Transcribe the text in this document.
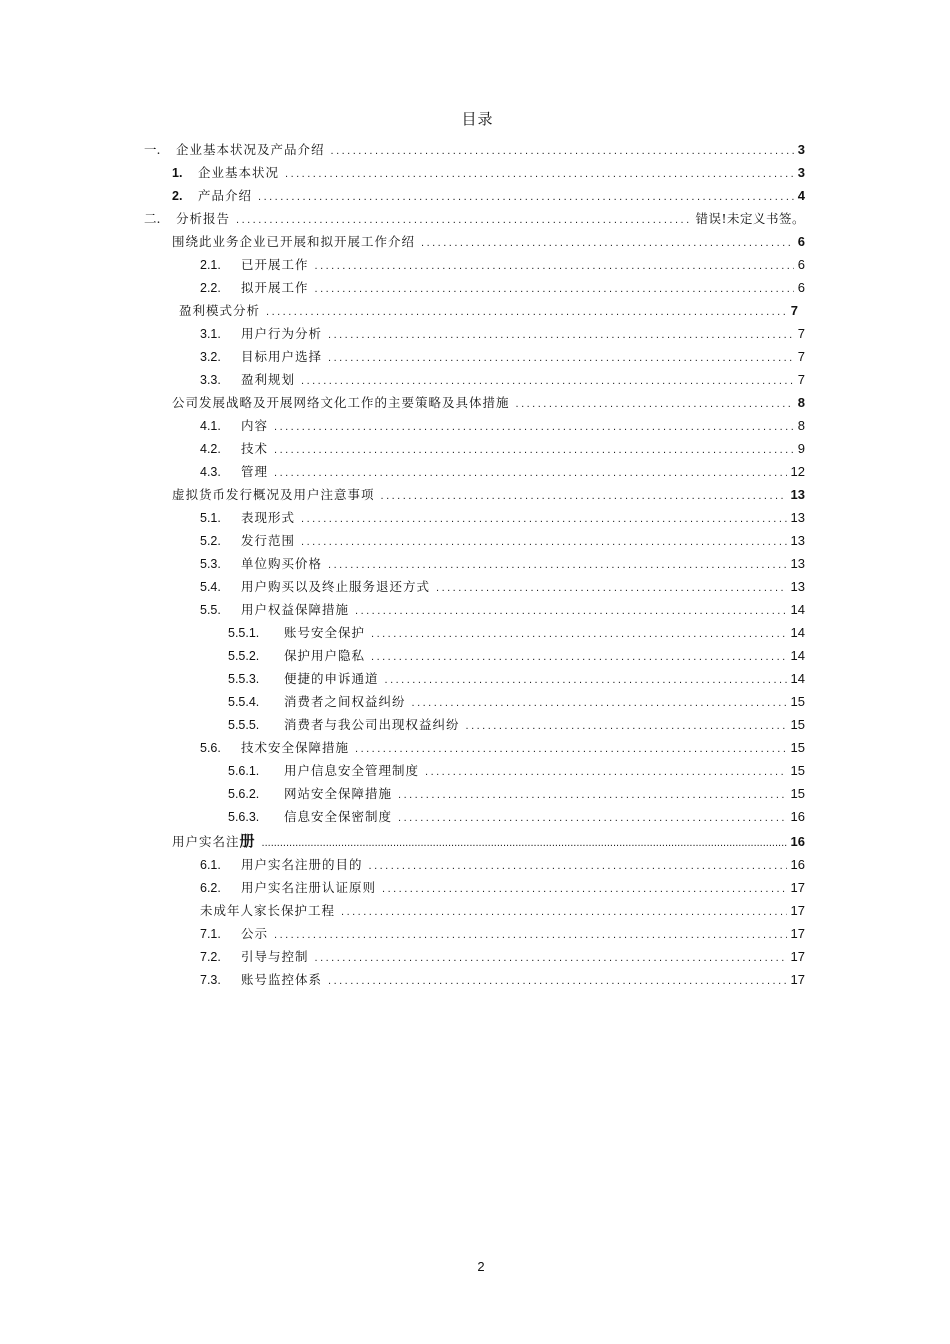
目录
一.	企业基本状况及产品介绍 .....	3
1.	企业基本状况 .....	3
2.	产品介绍 .....	4
二.	分析报告 .....	错误!未定义书签。
围绕此业务企业已开展和拟开展工作介绍 .....	6
2.1.	已开展工作 .....	6
2.2.	拟开展工作 .....	6
盈利模式分析 .....	7
3.1.	用户行为分析 .....	7
3.2.	目标用户选择 .....	7
3.3.	盈利规划 .....	7
公司发展战略及开展网络文化工作的主要策略及具体措施 .....	8
4.1.	内容 .....	8
4.2.	技术 .....	9
4.3.	管理 .....	12
虚拟货币发行概况及用户注意事项 .....	13
5.1.	表现形式 .....	13
5.2.	发行范围 .....	13
5.3.	单位购买价格 .....	13
5.4.	用户购买以及终止服务退还方式 .....	13
5.5.	用户权益保障措施 .....	14
5.5.1.	账号安全保护 .....	14
5.5.2.	保护用户隐私 .....	14
5.5.3.	便捷的申诉通道 .....	14
5.5.4.	消费者之间权益纠纷 .....	15
5.5.5.	消费者与我公司出现权益纠纷 .....	15
5.6.	技术安全保障措施 .....	15
5.6.1.	用户信息安全管理制度 .....	15
5.6.2.	网站安全保障措施 .....	15
5.6.3.	信息安全保密制度 .....	16
用户实名注册 .....	16
6.1.	用户实名注册的目的 .....	16
6.2.	用户实名注册认证原则 .....	17
未成年人家长保护工程 .....	17
7.1.	公示 .....	17
7.2.	引导与控制 .....	17
7.3.	账号监控体系 .....	17
2
